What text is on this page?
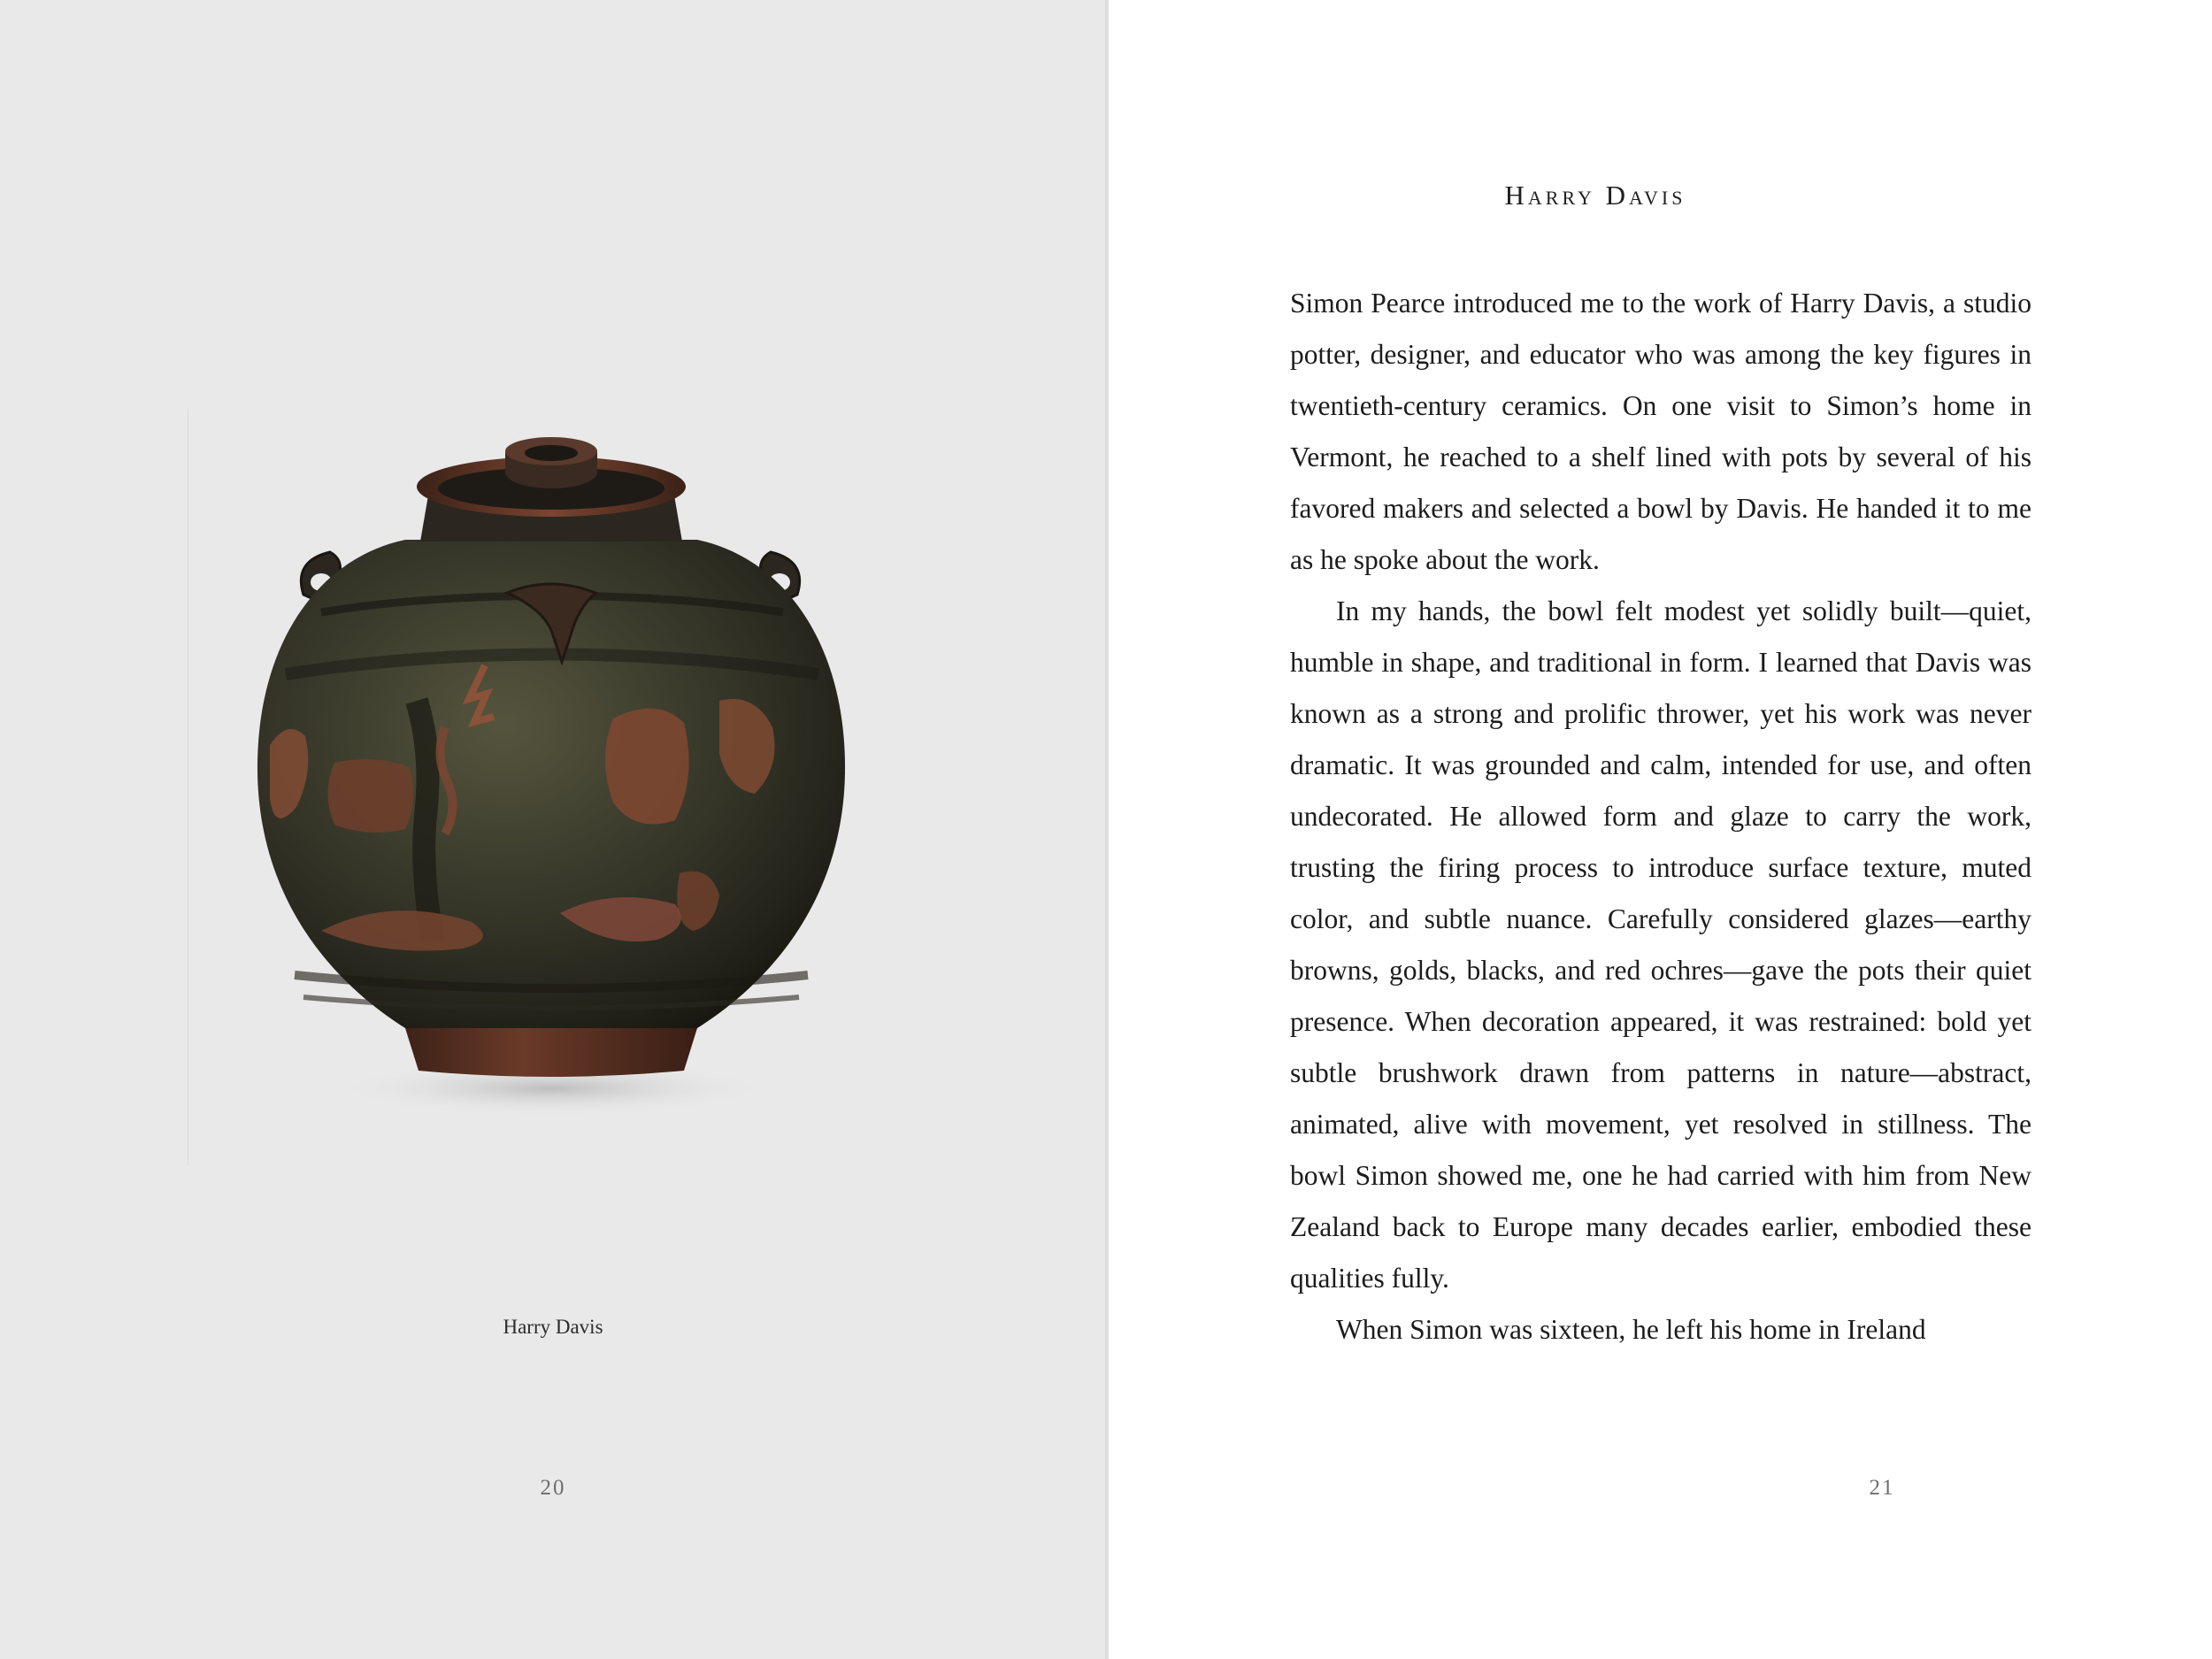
Harry Davis
20
Harry Davis

Simon Pearce introduced me to the work of Harry Davis, a studio potter, designer, and educator who was among the key figures in twentieth-century ceramics. On one visit to Simon’s home in Vermont, he reached to a shelf lined with pots by several of his favored makers and selected a bowl by Davis. He handed it to me as he spoke about the work.

In my hands, the bowl felt modest yet solidly built—quiet, humble in shape, and traditional in form. I learned that Davis was known as a strong and prolific thrower, yet his work was never dramatic. It was grounded and calm, intended for use, and often undecorated. He allowed form and glaze to carry the work, trusting the firing process to introduce surface texture, muted color, and subtle nuance. Carefully considered glazes—earthy browns, golds, blacks, and red ochres—gave the pots their quiet presence. When decoration appeared, it was restrained: bold yet subtle brushwork drawn from patterns in nature—abstract, animated, alive with movement, yet resolved in stillness. The bowl Simon showed me, one he had carried with him from New Zealand back to Europe many decades earlier, embodied these qualities fully.

When Simon was sixteen, he left his home in Ireland

21
